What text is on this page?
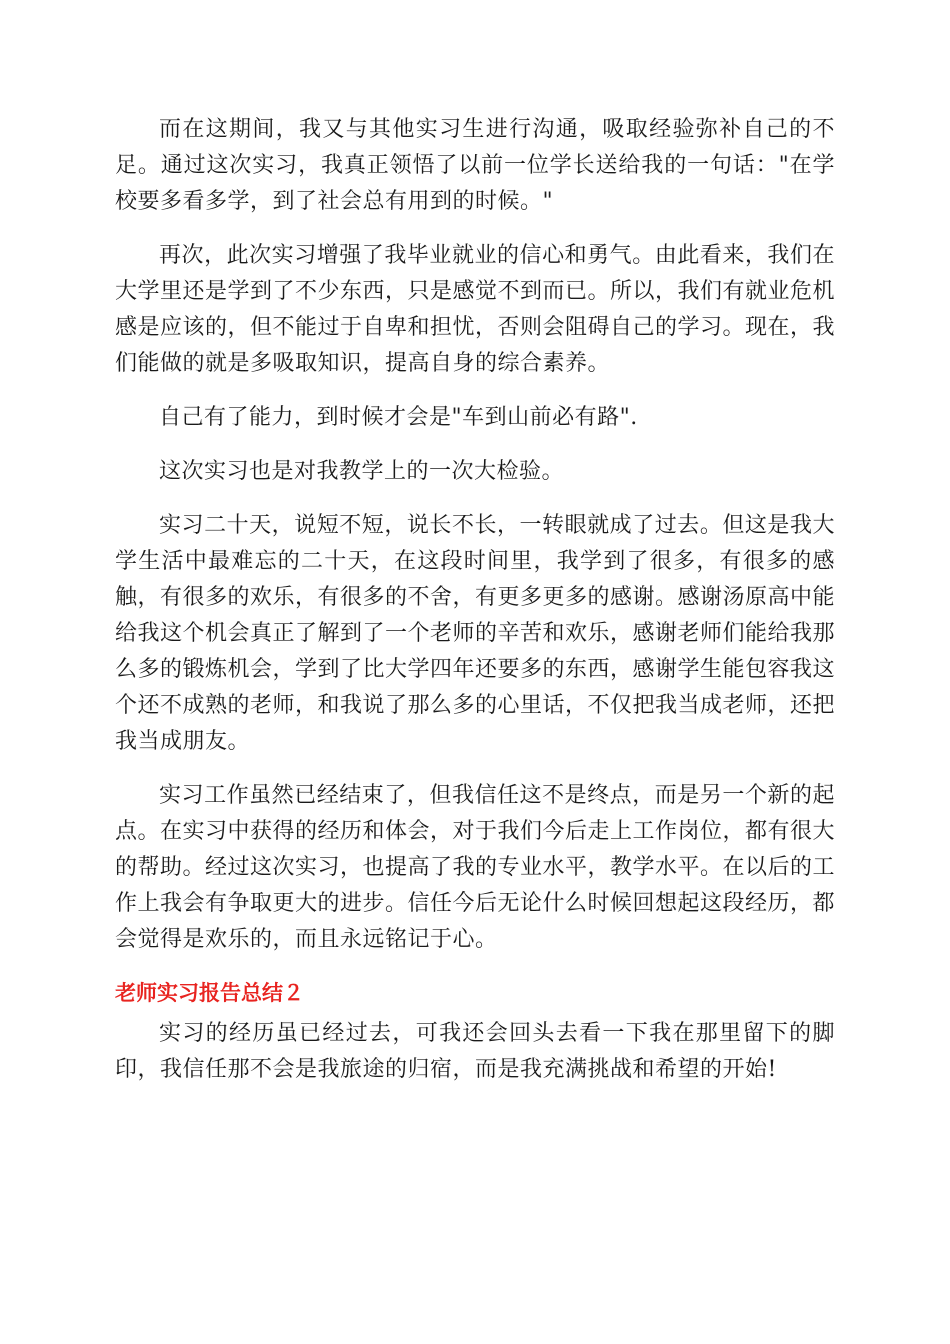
而在这期间，我又与其他实习生进行沟通，吸取经验弥补自己的不足。通过这次实习，我真正领悟了以前一位学长送给我的一句话："在学校要多看多学，到了社会总有用到的时候。"

再次，此次实习增强了我毕业就业的信心和勇气。由此看来，我们在大学里还是学到了不少东西，只是感觉不到而已。所以，我们有就业危机感是应该的，但不能过于自卑和担忧，否则会阻碍自己的学习。现在，我们能做的就是多吸取知识，提高自身的综合素养。

自己有了能力，到时候才会是"车到山前必有路".

这次实习也是对我教学上的一次大检验。

实习二十天，说短不短，说长不长，一转眼就成了过去。但这是我大学生活中最难忘的二十天，在这段时间里，我学到了很多，有很多的感触，有很多的欢乐，有很多的不舍，有更多更多的感谢。感谢汤原高中能给我这个机会真正了解到了一个老师的辛苦和欢乐，感谢老师们能给我那么多的锻炼机会，学到了比大学四年还要多的东西，感谢学生能包容我这个还不成熟的老师，和我说了那么多的心里话，不仅把我当成老师，还把我当成朋友。

实习工作虽然已经结束了，但我信任这不是终点，而是另一个新的起点。在实习中获得的经历和体会，对于我们今后走上工作岗位，都有很大的帮助。经过这次实习，也提高了我的专业水平，教学水平。在以后的工作上我会有争取更大的进步。信任今后无论什么时候回想起这段经历，都会觉得是欢乐的，而且永远铭记于心。

老师实习报告总结２

实习的经历虽已经过去，可我还会回头去看一下我在那里留下的脚印，我信任那不会是我旅途的归宿，而是我充满挑战和希望的开始!
